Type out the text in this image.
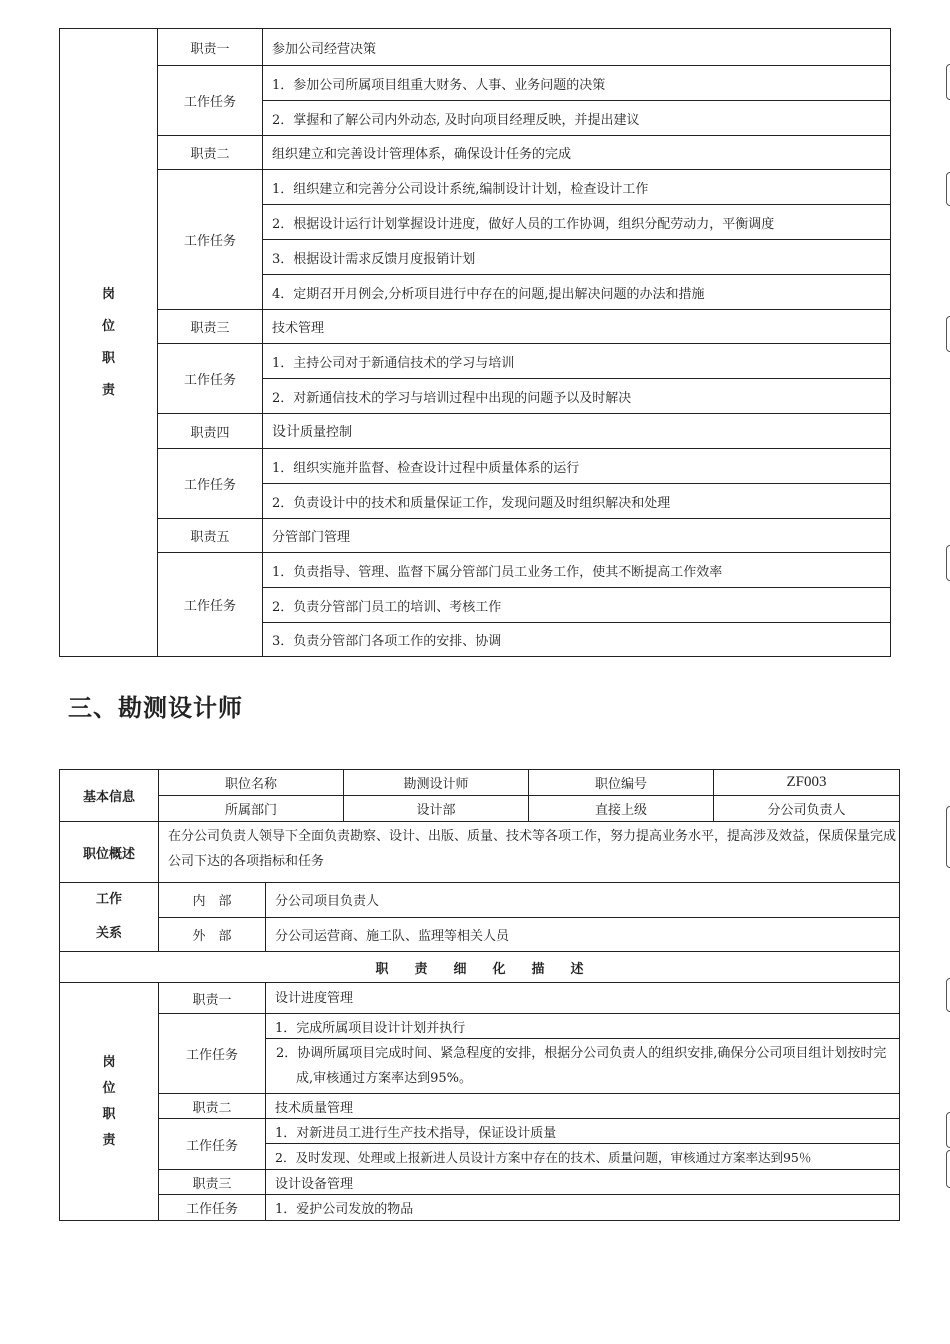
岗
位
职
责	职责一	参加公司经营决策
	工作任务	1．参加公司所属项目组重大财务、人事、业务问题的决策
		2．掌握和了解公司内外动态, 及时向项目经理反映，并提出建议
	职责二	组织建立和完善设计管理体系，确保设计任务的完成
	工作任务	1．组织建立和完善分公司设计系统,编制设计计划，检查设计工作
		2．根据设计运行计划掌握设计进度，做好人员的工作协调，组织分配劳动力，平衡调度
		3．根据设计需求反馈月度报销计划
		4．定期召开月例会,分析项目进行中存在的问题,提出解决问题的办法和措施
	职责三	技术管理
	工作任务	1．主持公司对于新通信技术的学习与培训
		2．对新通信技术的学习与培训过程中出现的问题予以及时解决
	职责四	设计质量控制
	工作任务	1．组织实施并监督、检查设计过程中质量体系的运行
		2．负责设计中的技术和质量保证工作，发现问题及时组织解决和处理
	职责五	分管部门管理
	工作任务	1．负责指导、管理、监督下属分管部门员工业务工作，使其不断提高工作效率
		2．负责分管部门员工的培训、考核工作
		3．负责分管部门各项工作的安排、协调
三、勘测设计师
基本信息	职位名称		勘测设计师	职位编号	ZF003
	所属部门		设计部	直接上级	分公司负责人
职位概述	在分公司负责人领导下全面负责勘察、设计、出版、质量、技术等各项工作，努力提高业务水平，提高涉及效益，保质保量完成公司下达的各项指标和任务				
工作
关系	内　部	分公司项目负责人			
	外　部	分公司运营商、施工队、监理等相关人员			
职　　责　　细　　化　　描　　述					
岗
位
职
责	职责一	设计进度管理			
	工作任务	1．完成所属项目设计计划并执行			
		2．协调所属项目完成时间、紧急程度的安排，根据分公司负责人的组织安排,确保分公司项目组计划按时完成,审核通过方案率达到95%。			
	职责二	技术质量管理			
	工作任务	1．对新进员工进行生产技术指导，保证设计质量			
		2．及时发现、处理或上报新进人员设计方案中存在的技术、质量问题，审核通过方案率达到95％			
	职责三	设计设备管理			
	工作任务	1．爱护公司发放的物品			
